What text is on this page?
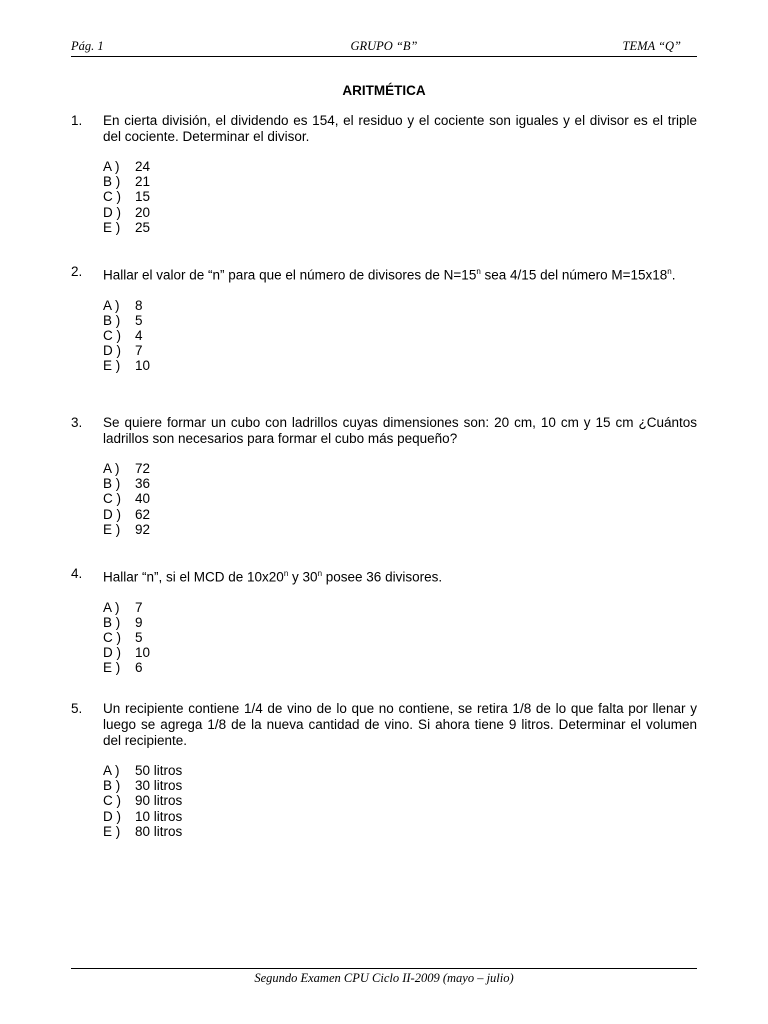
Pág. 1	GRUPO “B”	TEMA “Q”
ARITMÉTICA
1. En cierta división, el dividendo es 154, el residuo y el cociente son iguales y el divisor es el triple del cociente. Determinar el divisor.
A ) 24
B ) 21
C ) 15
D ) 20
E ) 25
2. Hallar el valor de “n” para que el número de divisores de $N=15^n$ sea 4/15 del número $M=15x18^n$.
A ) 8
B ) 5
C ) 4
D ) 7
E ) 10
3. Se quiere formar un cubo con ladrillos cuyas dimensiones son: 20 cm, 10 cm y 15 cm ¿Cuántos ladrillos son necesarios para formar el cubo más pequeño?
A ) 72
B ) 36
C ) 40
D ) 62
E ) 92
4. Hallar “n”, si el MCD de 10x20$^n$ y 30$^n$ posee 36 divisores.
A ) 7
B ) 9
C ) 5
D ) 10
E ) 6
5. Un recipiente contiene 1/4 de vino de lo que no contiene, se retira 1/8 de lo que falta por llenar y luego se agrega 1/8 de la nueva cantidad de vino. Si ahora tiene 9 litros. Determinar el volumen del recipiente.
A ) 50 litros
B ) 30 litros
C ) 90 litros
D ) 10 litros
E ) 80 litros
Segundo Examen CPU Ciclo II-2009 (mayo – julio)
